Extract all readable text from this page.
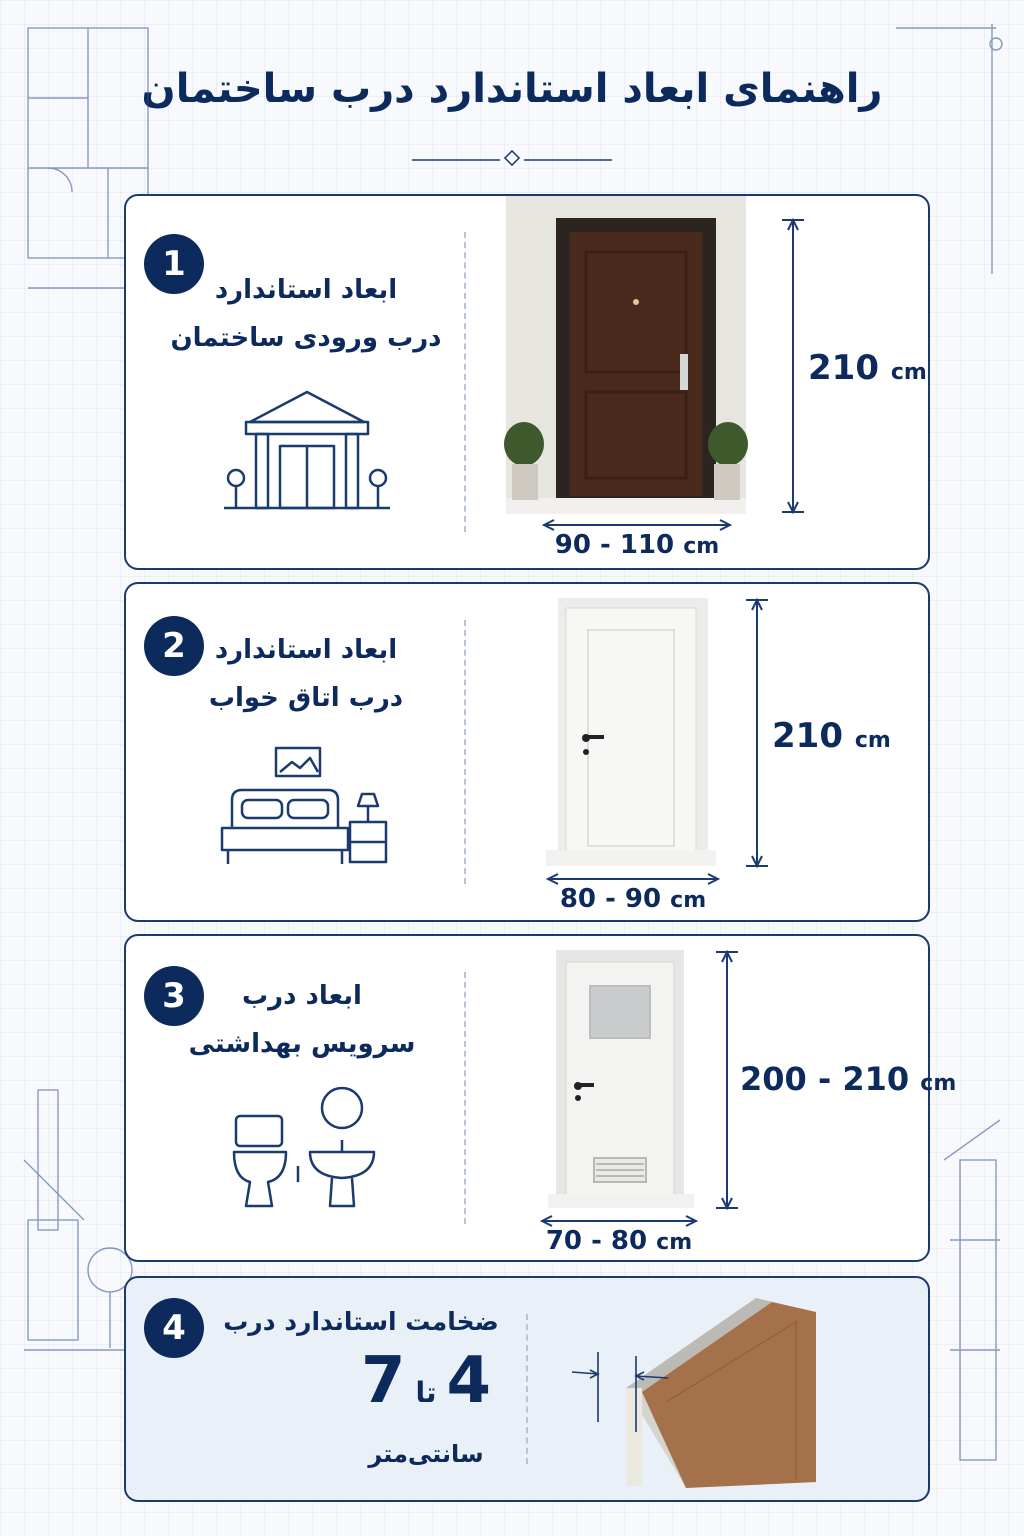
راهنمای ابعاد استاندارد درب ساختمان
1
ابعاد استاندارد
درب ورودی ساختمان
210 cm
90 - 110 cm
2	ابعاد استاندارد
درب اتاق خواب
210 cm
80 - 90 cm
3	ابعاد درب
سرویس بهداشتی
200 - 210 cm
70 - 80 cm
4	ضخامت استاندارد درب
4تا7
سانتی‌متر
